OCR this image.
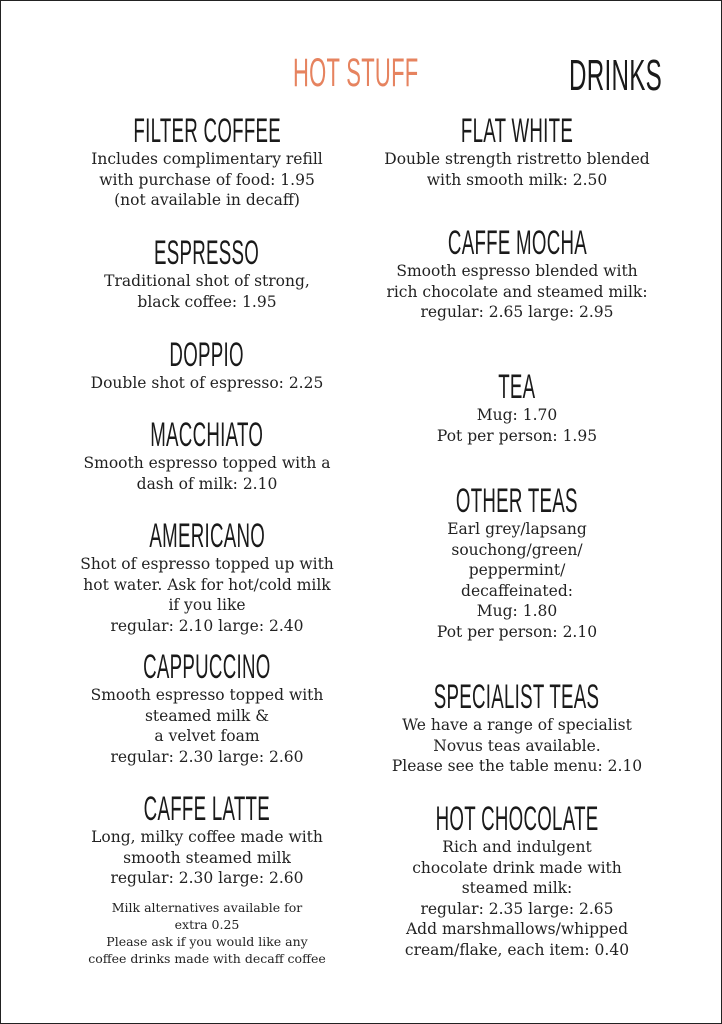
HOT STUFF	DRINKS
FILTER COFFEE
Includes complimentary refill
with purchase of food: 1.95
(not available in decaff)
ESPRESSO
Traditional shot of strong,
black coffee: 1.95
DOPPIO
Double shot of espresso: 2.25
MACCHIATO
Smooth espresso topped with a
dash of milk: 2.10
AMERICANO
Shot of espresso topped up with
hot water. Ask for hot/cold milk
if you like
regular: 2.10 large: 2.40
CAPPUCCINO
Smooth espresso topped with
steamed milk &
a velvet foam
regular: 2.30 large: 2.60
CAFFE LATTE
Long, milky coffee made with
smooth steamed milk
regular: 2.30 large: 2.60
Milk alternatives available for
extra 0.25
Please ask if you would like any
coffee drinks made with decaff coffee
FLAT WHITE
Double strength ristretto blended
with smooth milk: 2.50
CAFFE MOCHA
Smooth espresso blended with
rich chocolate and steamed milk:
regular: 2.65 large: 2.95
TEA
Mug: 1.70
Pot per person: 1.95
OTHER TEAS
Earl grey/lapsang
souchong/green/
peppermint/
decaffeinated:
Mug: 1.80
Pot per person: 2.10
SPECIALIST TEAS
We have a range of specialist
Novus teas available.
Please see the table menu: 2.10
HOT CHOCOLATE
Rich and indulgent
chocolate drink made with
steamed milk:
regular: 2.35 large: 2.65
Add marshmallows/whipped
cream/flake, each item: 0.40
